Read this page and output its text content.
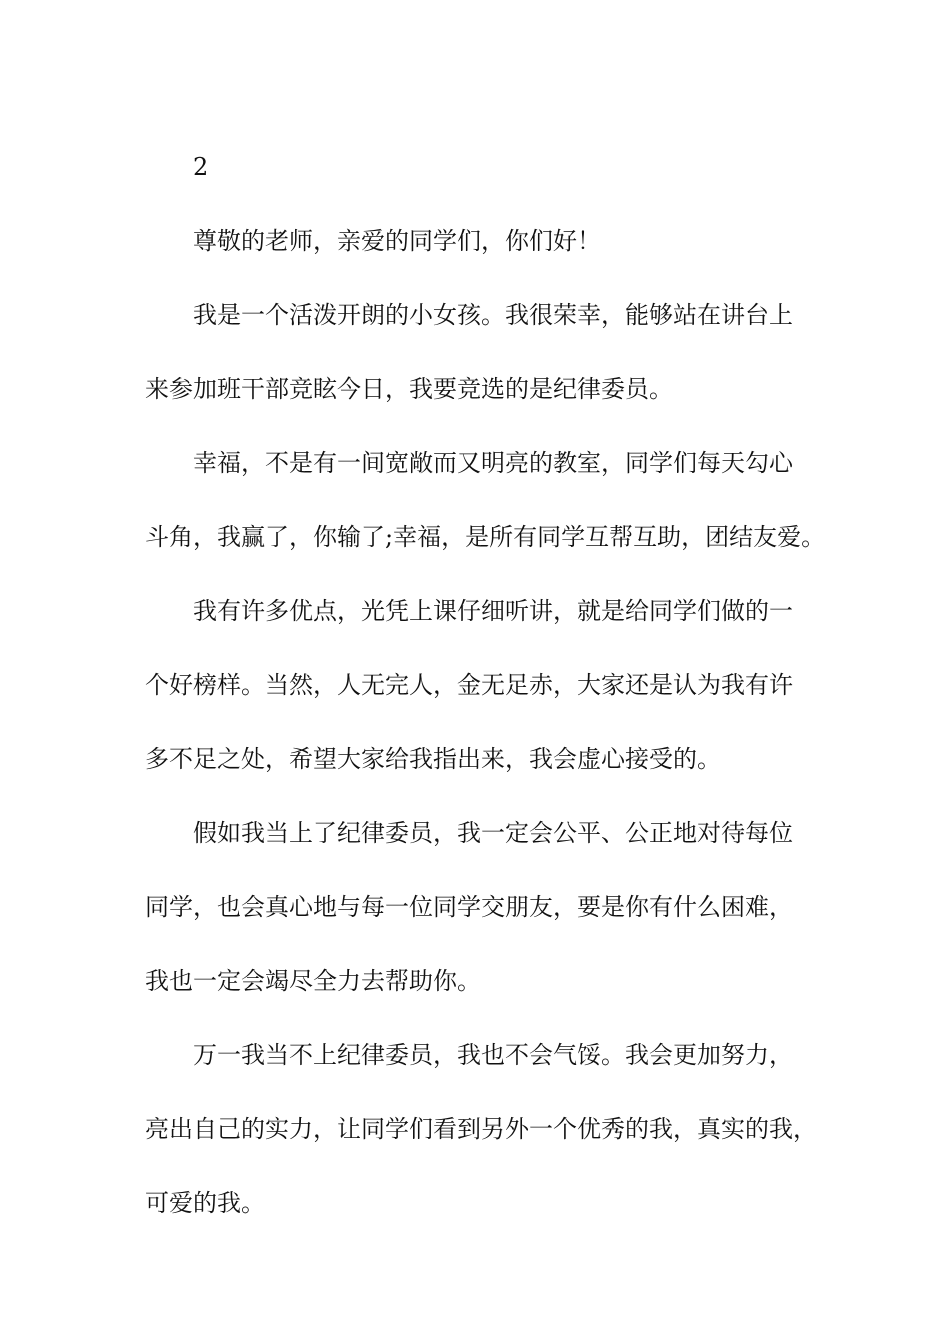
2
尊敬的老师，亲爱的同学们，你们好！
我是一个活泼开朗的小女孩。我很荣幸，能够站在讲台上
来参加班干部竞眩今日，我要竞选的是纪律委员。
幸福，不是有一间宽敞而又明亮的教室，同学们每天勾心
斗角，我赢了，你输了;幸福，是所有同学互帮互助，团结友爱。
我有许多优点，光凭上课仔细听讲，就是给同学们做的一
个好榜样。当然，人无完人，金无足赤，大家还是认为我有许
多不足之处，希望大家给我指出来，我会虚心接受的。
假如我当上了纪律委员，我一定会公平、公正地对待每位
同学，也会真心地与每一位同学交朋友，要是你有什么困难，
我也一定会竭尽全力去帮助你。
万一我当不上纪律委员，我也不会气馁。我会更加努力，
亮出自己的实力，让同学们看到另外一个优秀的我，真实的我，
可爱的我。
